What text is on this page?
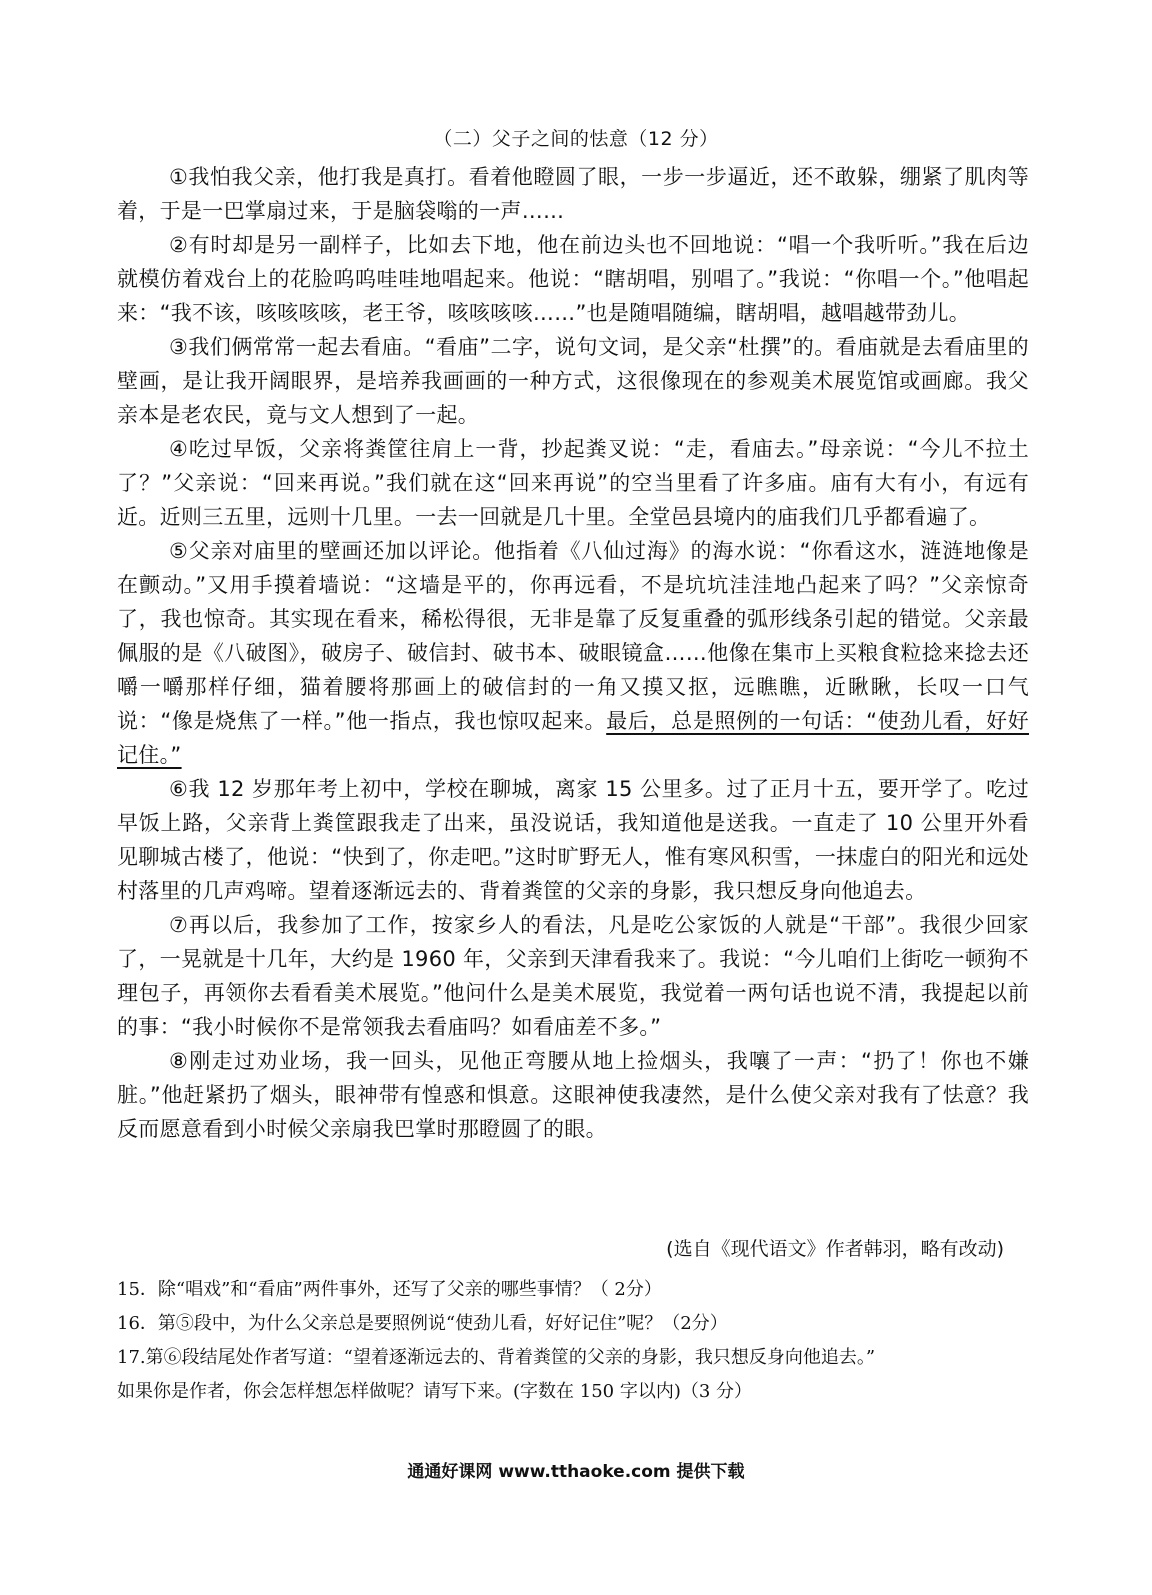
（二）父子之间的怯意（12 分）

①我怕我父亲，他打我是真打。看着他瞪圆了眼，一步一步逼近，还不敢躲，绷紧了肌肉等着，于是一巴掌扇过来，于是脑袋嗡的一声……

②有时却是另一副样子，比如去下地，他在前边头也不回地说：“唱一个我听听。”我在后边就模仿着戏台上的花脸呜呜哇哇地唱起来。他说：“瞎胡唱，别唱了。”我说：“你唱一个。”他唱起来：“我不该，咳咳咳咳，老王爷，咳咳咳咳……”也是随唱随编，瞎胡唱，越唱越带劲儿。

③我们俩常常一起去看庙。“看庙”二字，说句文词，是父亲“杜撰”的。看庙就是去看庙里的壁画，是让我开阔眼界，是培养我画画的一种方式，这很像现在的参观美术展览馆或画廊。我父亲本是老农民，竟与文人想到了一起。

④吃过早饭，父亲将粪筐往肩上一背，抄起粪叉说：“走，看庙去。”母亲说：“今儿不拉土了？”父亲说：“回来再说。”我们就在这“回来再说”的空当里看了许多庙。庙有大有小，有远有近。近则三五里，远则十几里。一去一回就是几十里。全堂邑县境内的庙我们几乎都看遍了。

⑤父亲对庙里的壁画还加以评论。他指着《八仙过海》的海水说：“你看这水，涟涟地像是在颤动。”又用手摸着墙说：“这墙是平的，你再远看，不是坑坑洼洼地凸起来了吗？”父亲惊奇了，我也惊奇。其实现在看来，稀松得很，无非是靠了反复重叠的弧形线条引起的错觉。父亲最佩服的是《八破图》，破房子、破信封、破书本、破眼镜盒……他像在集市上买粮食粒捻来捻去还嚼一嚼那样仔细，猫着腰将那画上的破信封的一角又摸又抠，远瞧瞧，近瞅瞅，长叹一口气说：“像是烧焦了一样。”他一指点，我也惊叹起来。最后，总是照例的一句话：“使劲儿看，好好记住。”

⑥我 12 岁那年考上初中，学校在聊城，离家 15 公里多。过了正月十五，要开学了。吃过早饭上路，父亲背上粪筐跟我走了出来，虽没说话，我知道他是送我。一直走了 10 公里开外看见聊城古楼了，他说：“快到了，你走吧。”这时旷野无人，惟有寒风积雪，一抹虚白的阳光和远处村落里的几声鸡啼。望着逐渐远去的、背着粪筐的父亲的身影，我只想反身向他追去。

⑦再以后，我参加了工作，按家乡人的看法，凡是吃公家饭的人就是“干部”。我很少回家了，一晃就是十几年，大约是 1960 年，父亲到天津看我来了。我说：“今儿咱们上街吃一顿狗不理包子，再领你去看看美术展览。”他问什么是美术展览，我觉着一两句话也说不清，我提起以前的事：“我小时候你不是常领我去看庙吗？如看庙差不多。”

⑧刚走过劝业场，我一回头，见他正弯腰从地上捡烟头，我嚷了一声：“扔了！你也不嫌脏。”他赶紧扔了烟头，眼神带有惶惑和惧意。这眼神使我凄然，是什么使父亲对我有了怯意？我反而愿意看到小时候父亲扇我巴掌时那瞪圆了的眼。

(选自《现代语文》作者韩羽，略有改动)

15．除“唱戏”和“看庙”两件事外，还写了父亲的哪些事情？（ 2分）

16．第⑤段中，为什么父亲总是要照例说“使劲儿看，好好记住”呢？（2分）

17.第⑥段结尾处作者写道：“望着逐渐远去的、背着粪筐的父亲的身影，我只想反身向他追去。”

如果你是作者，你会怎样想怎样做呢？请写下来。(字数在 150 字以内)（3 分）

通通好课网 www.tthaoke.com 提供下载
